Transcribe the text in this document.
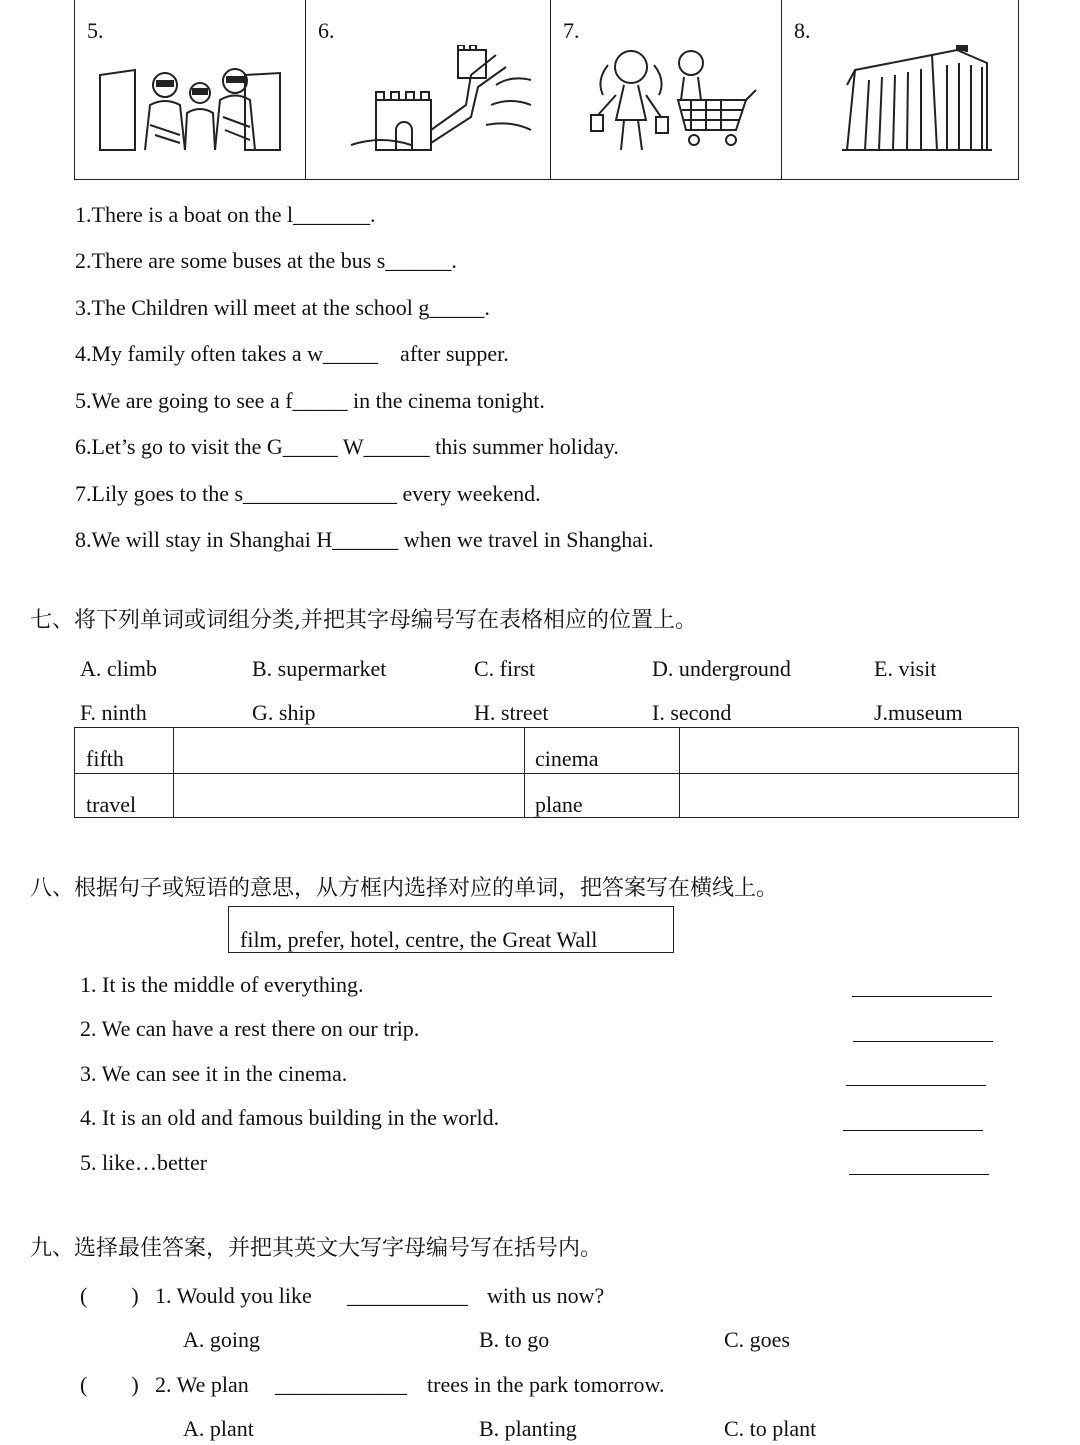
5.	6.	7.	8.
1.There is a boat on the l_______.
2.There are some buses at the bus s______.
3.The Children will meet at the school g_____.
4.My family often takes a w_____    after supper.
5.We are going to see a f_____ in the cinema tonight.
6.Let’s go to visit the G_____ W______ this summer holiday.
7.Lily goes to the s______________ every weekend.
8.We will stay in Shanghai H______ when we travel in Shanghai.
七、将下列单词或词组分类,并把其字母编号写在表格相应的位置上。
A. climb	B. supermarket	C. first	D. underground	E. visit
F. ninth	G. ship	H. street	I. second	J.museum
fifth	cinema
travel	plane
八、根据句子或短语的意思，从方框内选择对应的单词，把答案写在横线上。
film, prefer, hotel, centre, the Great Wall
1. It is the middle of everything.
2. We can have a rest there on our trip.
3. We can see it in the cinema.
4. It is an old and famous building in the world.
5. like…better
九、选择最佳答案，并把其英文大写字母编号写在括号内。
(        ) 1. Would you like ___________ with us now?
A. going	B. to go	C. goes
(        ) 2. We plan ____________ trees in the park tomorrow.
A. plant	B. planting	C. to plant
